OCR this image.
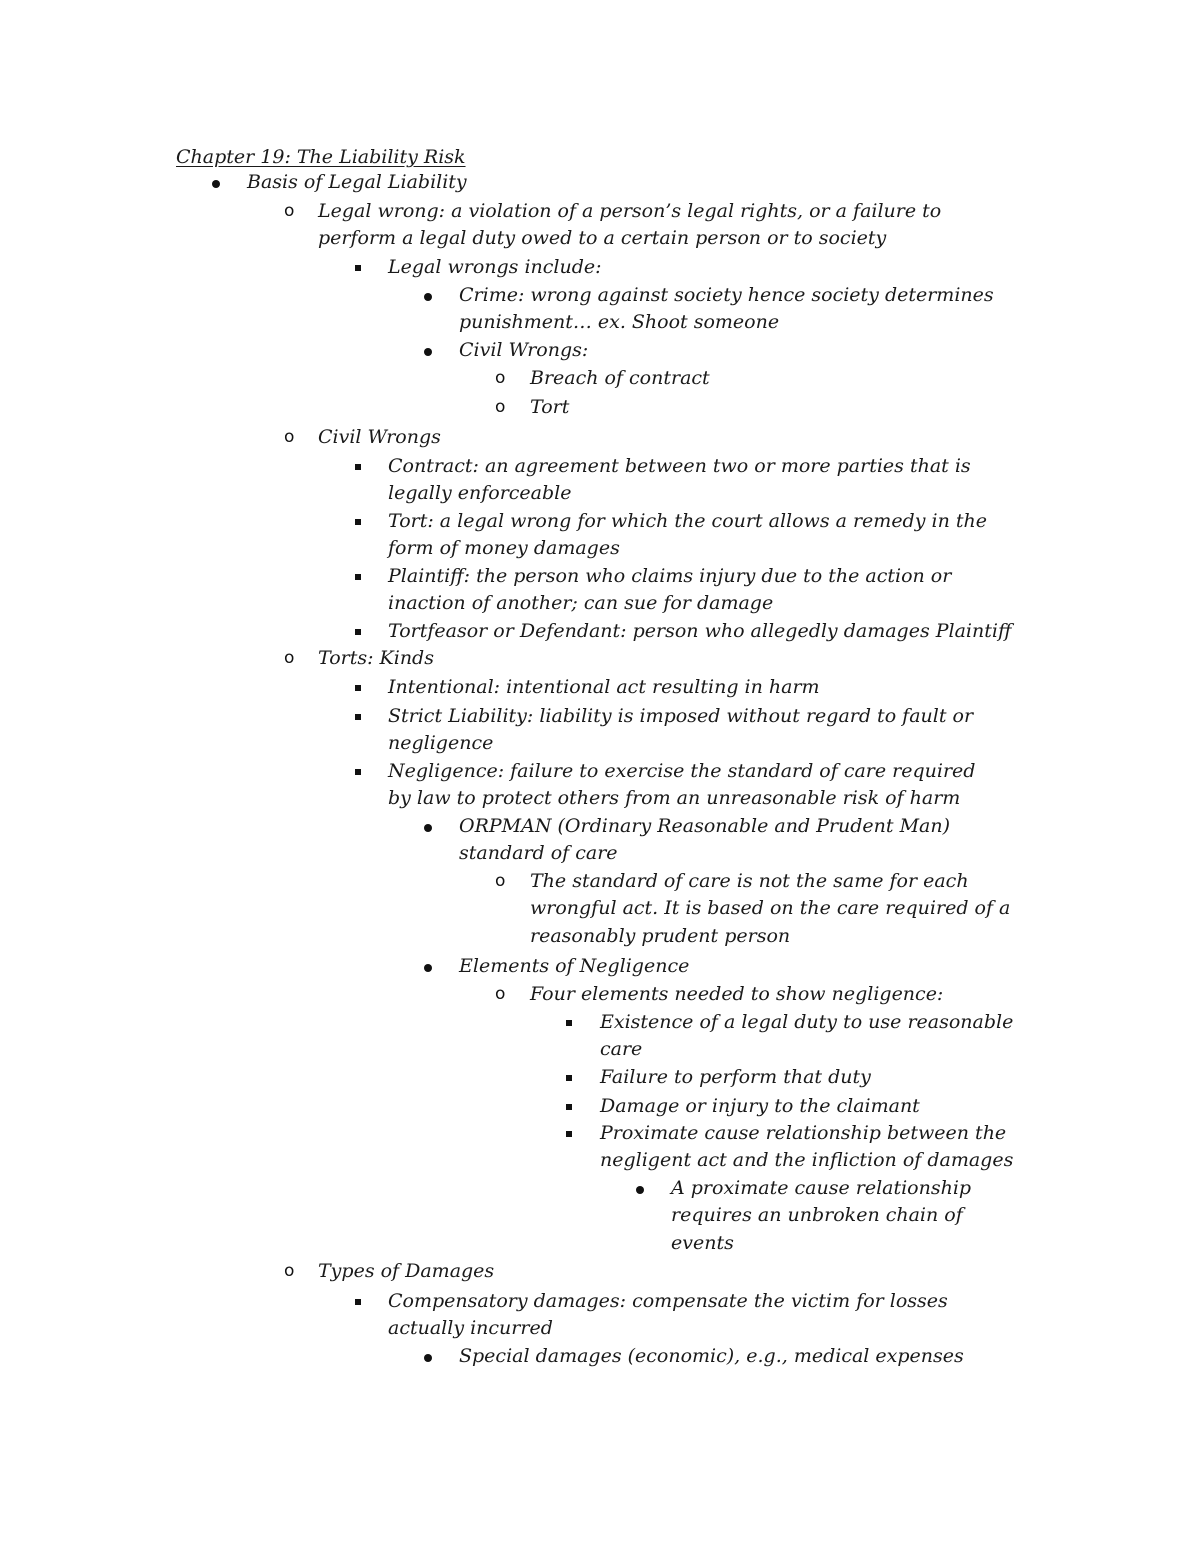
Chapter 19: The Liability Risk
Basis of Legal Liability
o	Legal wrong: a violation of a person’s legal rights, or a failure to perform a legal duty owed to a certain person or to society
Legal wrongs include:
Crime: wrong against society hence society determines punishment… ex. Shoot someone
Civil Wrongs:
o	Breach of contract
o	Tort
o	Civil Wrongs
Contract: an agreement between two or more parties that is legally enforceable
Tort: a legal wrong for which the court allows a remedy in the form of money damages
Plaintiff: the person who claims injury due to the action or inaction of another; can sue for damage
Tortfeasor or Defendant: person who allegedly damages Plaintiff
o	Torts: Kinds
Intentional: intentional act resulting in harm
Strict Liability: liability is imposed without regard to fault or negligence
Negligence: failure to exercise the standard of care required by law to protect others from an unreasonable risk of harm
ORPMAN (Ordinary Reasonable and Prudent Man) standard of care
o	The standard of care is not the same for each wrongful act. It is based on the care required of a reasonably prudent person
Elements of Negligence
o	Four elements needed to show negligence:
Existence of a legal duty to use reasonable care
Failure to perform that duty
Damage or injury to the claimant
Proximate cause relationship between the negligent act and the infliction of damages
A proximate cause relationship requires an unbroken chain of events
o	Types of Damages
Compensatory damages: compensate the victim for losses actually incurred
Special damages (economic), e.g., medical expenses
